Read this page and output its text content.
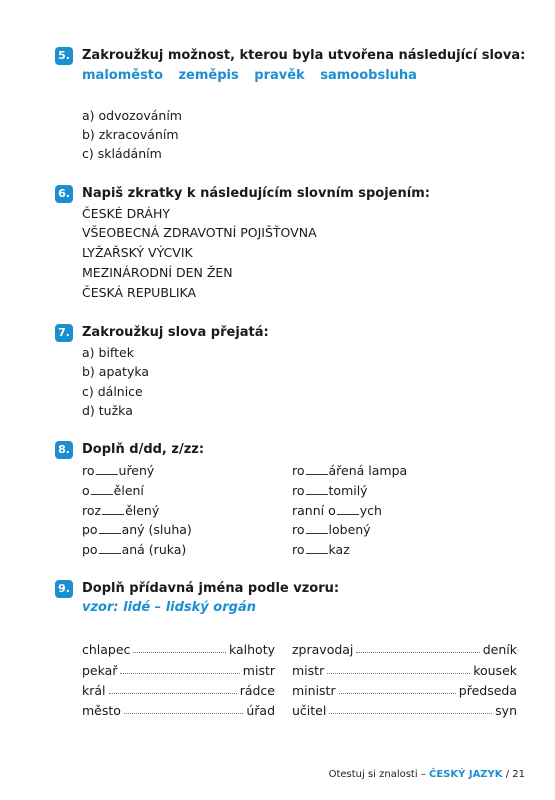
5. Zakroužkuj možnost, kterou byla utvořena následující slova:
maloměsto zeměpis pravěk samoobsluha
a) odvozováním
b) zkracováním
c) skládáním
6. Napiš zkratky k následujícím slovním spojením:
ČESKÉ DRÁHY
VŠEOBECNÁ ZDRAVOTNÍ POJIŠŤOVNA
LYŽAŘSKÝ VÝCVIK
MEZINÁRODNÍ DEN ŽEN
ČESKÁ REPUBLIKA
7. Zakroužkuj slova přejatá:
a) biftek
b) apatyka
c) dálnice
d) tužka
8. Doplň d/dd, z/zz:
ro uřený
o ělení
roz ělený
po aný (sluha)
po aná (ruka)
ro ářená lampa
ro tomilý
ranní o ych
ro lobený
ro kaz
9. Doplň přídavná jména podle vzoru:
vzor: lidé – lidský orgán
chlapec	kalhoty
pekař	mistr
král	rádce
město	úřad
zpravodaj	deník
mistr	kousek
ministr	předseda
učitel	syn
Otestuj si znalosti – ČESKÝ JAZYK / 21
